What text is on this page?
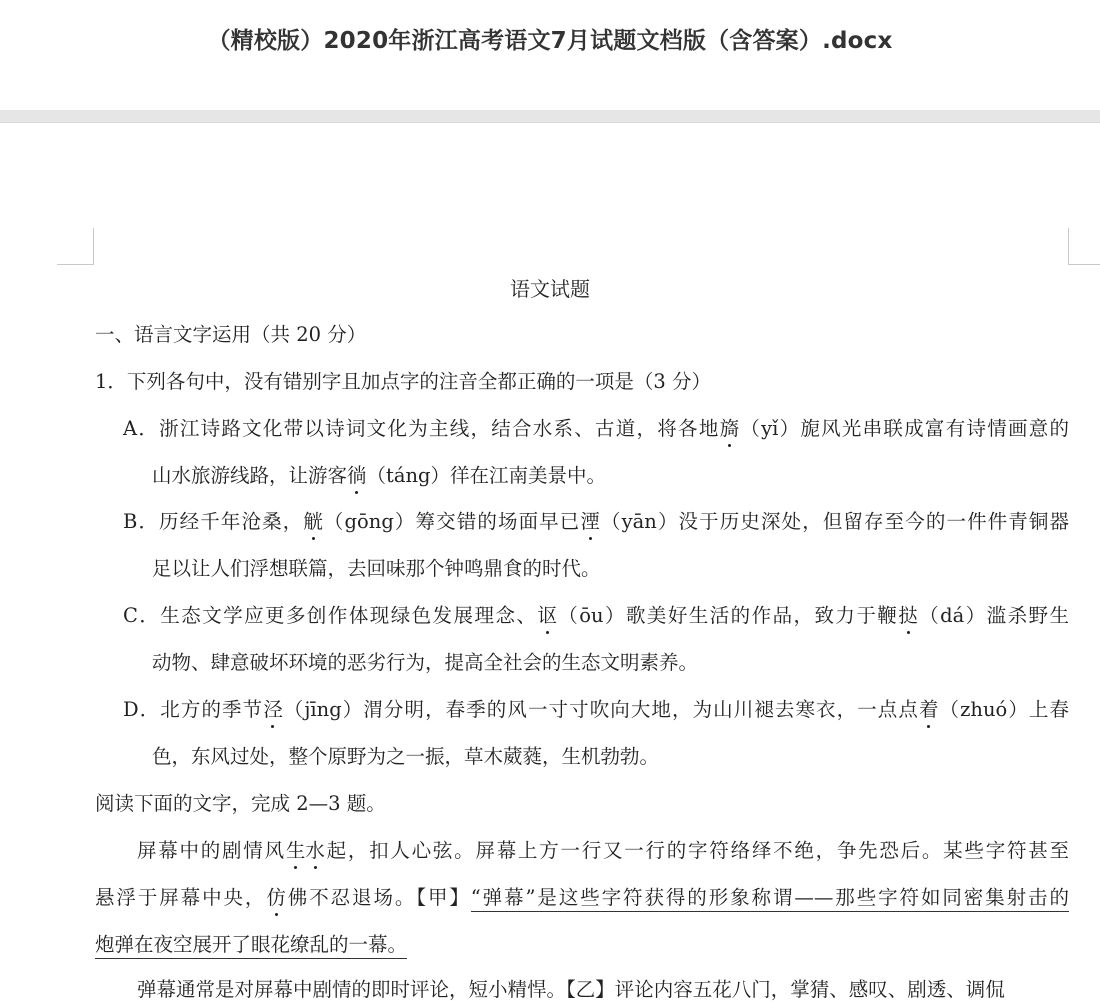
（精校版）2020年浙江高考语文7月试题文档版（含答案）.docx
语文试题
一、语言文字运用（共 20 分）
1．下列各句中，没有错别字且加点字的注音全都正确的一项是（3 分）
A．浙江诗路文化带以诗词文化为主线，结合水系、古道，将各地旖（yǐ）旎风光串联成富有诗情画意的
山水旅游线路，让游客徜（táng）徉在江南美景中。
B．历经千年沧桑，觥（gōng）筹交错的场面早已湮（yān）没于历史深处，但留存至今的一件件青铜器
足以让人们浮想联篇，去回味那个钟鸣鼎食的时代。
C．生态文学应更多创作体现绿色发展理念、讴（ōu）歌美好生活的作品，致力于鞭挞（dá）滥杀野生
动物、肆意破坏环境的恶劣行为，提高全社会的生态文明素养。
D．北方的季节泾（jīng）渭分明，春季的风一寸寸吹向大地，为山川褪去寒衣，一点点着（zhuó）上春
色，东风过处，整个原野为之一振，草木葳蕤，生机勃勃。
阅读下面的文字，完成 2—3 题。
屏幕中的剧情风生水起，扣人心弦。屏幕上方一行又一行的字符络绎不绝，争先恐后。某些字符甚至
悬浮于屏幕中央，仿佛不忍退场。【甲】“弹幕”是这些字符获得的形象称谓——那些字符如同密集射击的
炮弹在夜空展开了眼花缭乱的一幕。
弹幕通常是对屏幕中剧情的即时评论，短小精悍。【乙】评论内容五花八门，掌猜、感叹、剧透、调侃
